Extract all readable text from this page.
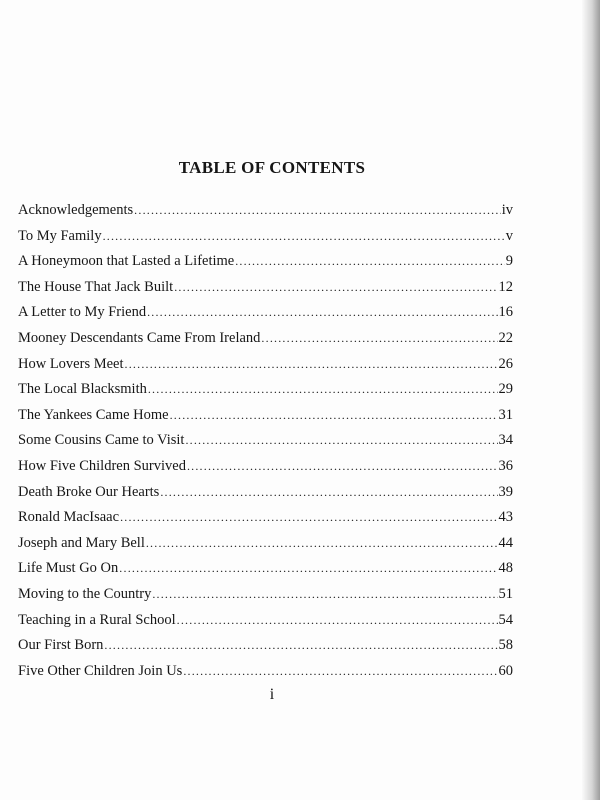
TABLE OF CONTENTS
Acknowledgements .....	iv
To My Family .....	v
A Honeymoon that Lasted a Lifetime .....	9
The House That Jack Built .....	12
A Letter to My Friend .....	16
Mooney Descendants Came From Ireland .....	22
How Lovers Meet .....	26
The Local Blacksmith .....	29
The Yankees Came Home .....	31
Some Cousins Came to Visit .....	34
How Five Children Survived .....	36
Death Broke Our Hearts .....	39
Ronald MacIsaac .....	43
Joseph and Mary Bell .....	44
Life Must Go On .....	48
Moving to the Country .....	51
Teaching in a Rural School .....	54
Our First Born .....	58
Five Other Children Join Us .....	60
i
